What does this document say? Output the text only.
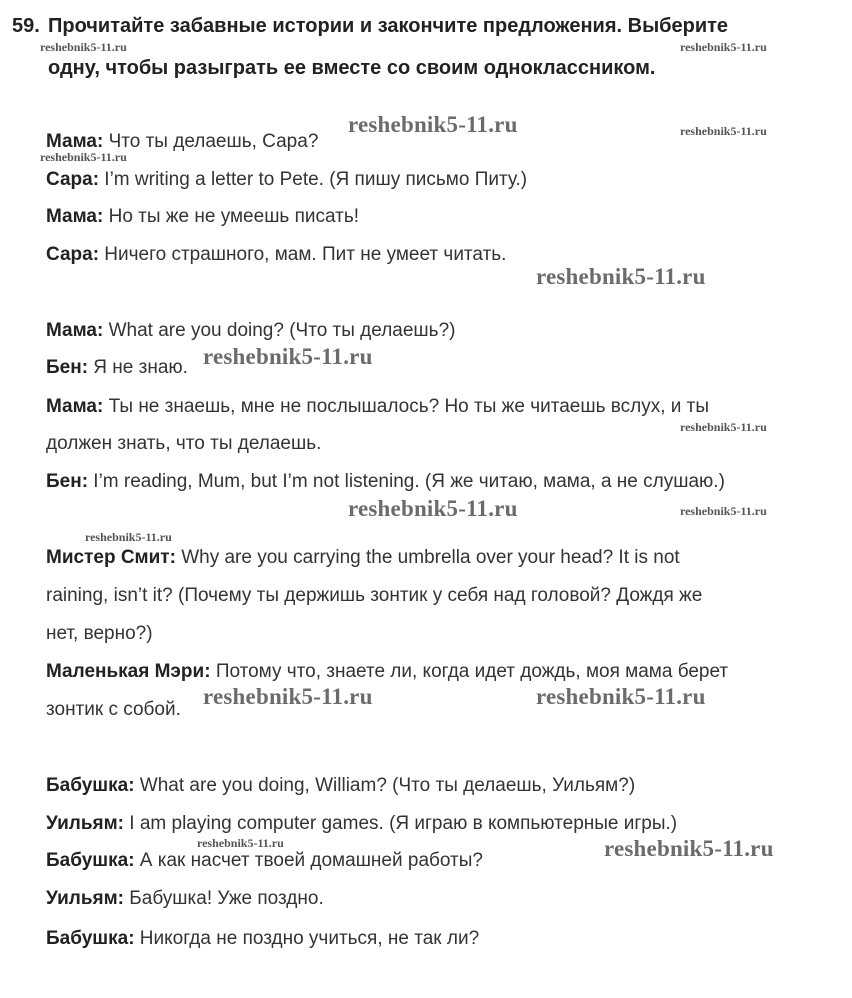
59. Прочитайте забавные истории и закончите предложения. Выберите
одну, чтобы разыграть ее вместе со своим одноклассником.
Мама: Что ты делаешь, Сара?
Сара: I’m writing a letter to Pete. (Я пишу письмо Питу.)
Мама: Но ты же не умеешь писать!
Сара: Ничего страшного, мам. Пит не умеет читать.
Мама: What are you doing? (Что ты делаешь?)
Бен: Я не знаю.
Мама: Ты не знаешь, мне не послышалось? Но ты же читаешь вслух, и ты
должен знать, что ты делаешь.
Бен: I’m reading, Mum, but I’m not listening. (Я же читаю, мама, а не слушаю.)
Мистер Смит: Why are you carrying the umbrella over your head? It is not
raining, isn’t it? (Почему ты держишь зонтик у себя над головой? Дождя же
нет, верно?)
Маленькая Мэри: Потому что, знаете ли, когда идет дождь, моя мама берет
зонтик с собой.
Бабушка: What are you doing, William? (Что ты делаешь, Уильям?)
Уильям: I am playing computer games. (Я играю в компьютерные игры.)
Бабушка: А как насчет твоей домашней работы?
Уильям: Бабушка! Уже поздно.
Бабушка: Никогда не поздно учиться, не так ли?
reshebnik5-11.ru	reshebnik5-11.ru
reshebnik5-11.ru	reshebnik5-11.ru
reshebnik5-11.ru
reshebnik5-11.ru
reshebnik5-11.ru
reshebnik5-11.ru
reshebnik5-11.ru	reshebnik5-11.ru
reshebnik5-11.ru
reshebnik5-11.ru	reshebnik5-11.ru
reshebnik5-11.ru	reshebnik5-11.ru
